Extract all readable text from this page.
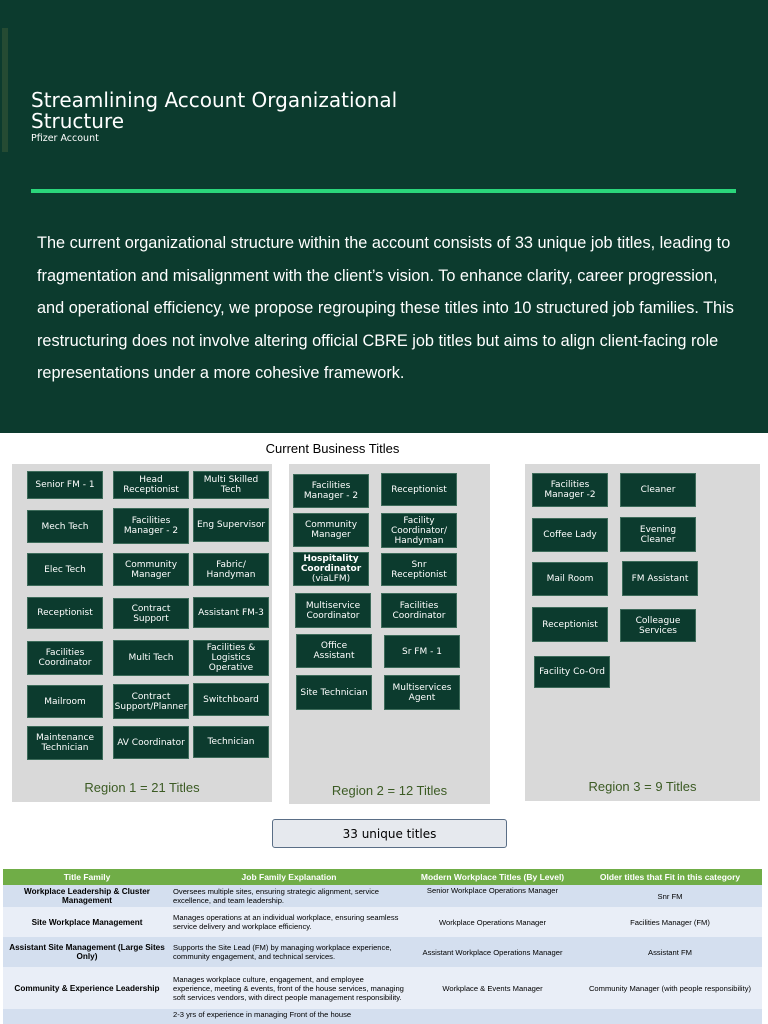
Streamlining Account Organizational Structure
Pfizer Account
The current organizational structure within the account consists of 33 unique job titles, leading to fragmentation and misalignment with the client’s vision. To enhance clarity, career progression, and operational efficiency, we propose regrouping these titles into 10 structured job families. This restructuring does not involve altering official CBRE job titles but aims to align client-facing role representations under a more cohesive framework.
Current Business Titles
Region 1 = 21 Titles
Senior FM - 1	Head
Receptionist
Multi Skilled Tech
Mech Tech
Facilities
Manager - 2
Eng Supervisor
Elec Tech	Community
Manager
Fabric/
Handyman
Receptionist	Contract Support
Assistant FM-3
Facilities
Coordinator	Multi Tech
Facilities &
Logistics
Operative
Mailroom	Contract
Support/Planner
Switchboard
Maintenance
Technician
AV Coordinator	Technician
Region 2 = 12 Titles
Facilities
Manager - 2
Receptionist
Community
Manager
Facility
Coordinator/
Handyman
Hospitality
Coordinator
(viaLFM)
Snr Receptionist
Multiservice
Coordinator
Facilities
Coordinator
Office Assistant	Sr FM - 1
Site Technician	Multiservices
Agent
Region 3 = 9 Titles
Facilities
Manager -2	Cleaner
Coffee Lady
Evening Cleaner
Mail Room	FM Assistant
Receptionist	Colleague
Services
Facility Co-Ord
33 unique titles
Title Family	Job Family Explanation	Modern Workplace Titles (By Level)	Older titles that Fit in this category
Workplace Leadership & Cluster Management	Oversees multiple sites, ensuring strategic alignment, service excellence, and team leadership.	Senior Workplace Operations Manager	Snr FM
Site Workplace Management	Manages operations at an individual workplace, ensuring seamless service delivery and workplace efficiency.	Workplace Operations Manager	Facilities Manager (FM)
Assistant Site Management (Large Sites Only)	Supports the Site Lead (FM) by managing workplace experience, community engagement, and technical services.	Assistant Workplace Operations Manager	Assistant FM
Community & Experience Leadership	Manages workplace culture, engagement, and employee experience, meeting & events, front of the house services, managing soft services vendors, with direct people management responsibility.	Workplace & Events Manager	Community Manager (with people responsibility)
	2-3 yrs of experience in managing Front of the house		
